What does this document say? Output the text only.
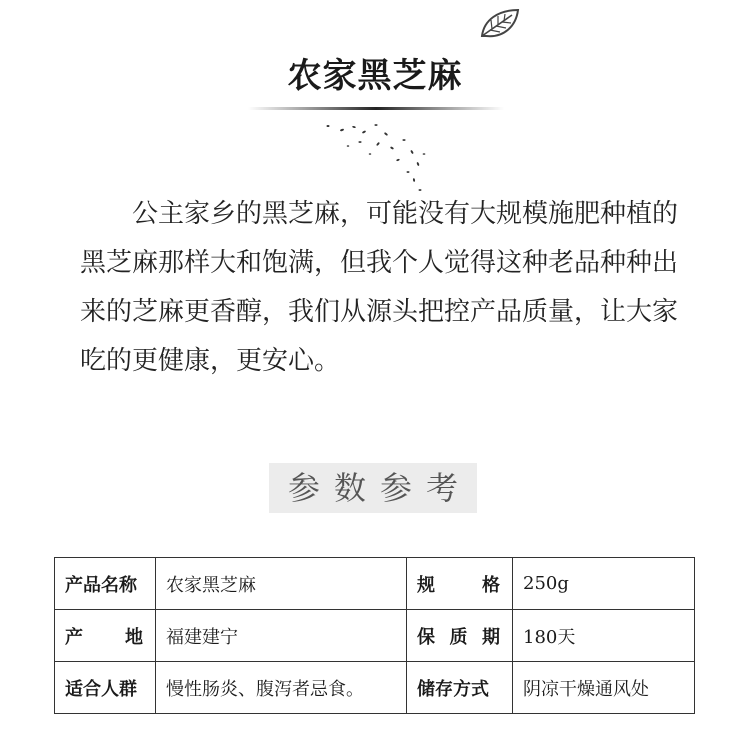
农家黑芝麻

公主家乡的黑芝麻，可能没有大规模施肥种植的黑芝麻那样大和饱满，但我个人觉得这种老品种种出来的芝麻更香醇，我们从源头把控产品质量，让大家吃的更健康，更安心。

参数参考
产品名称	农家黑芝麻	规　格	250g
产　地	福建建宁	保质期	180天
适合人群	慢性肠炎、腹泻者忌食。	储存方式	阴凉干燥通风处
